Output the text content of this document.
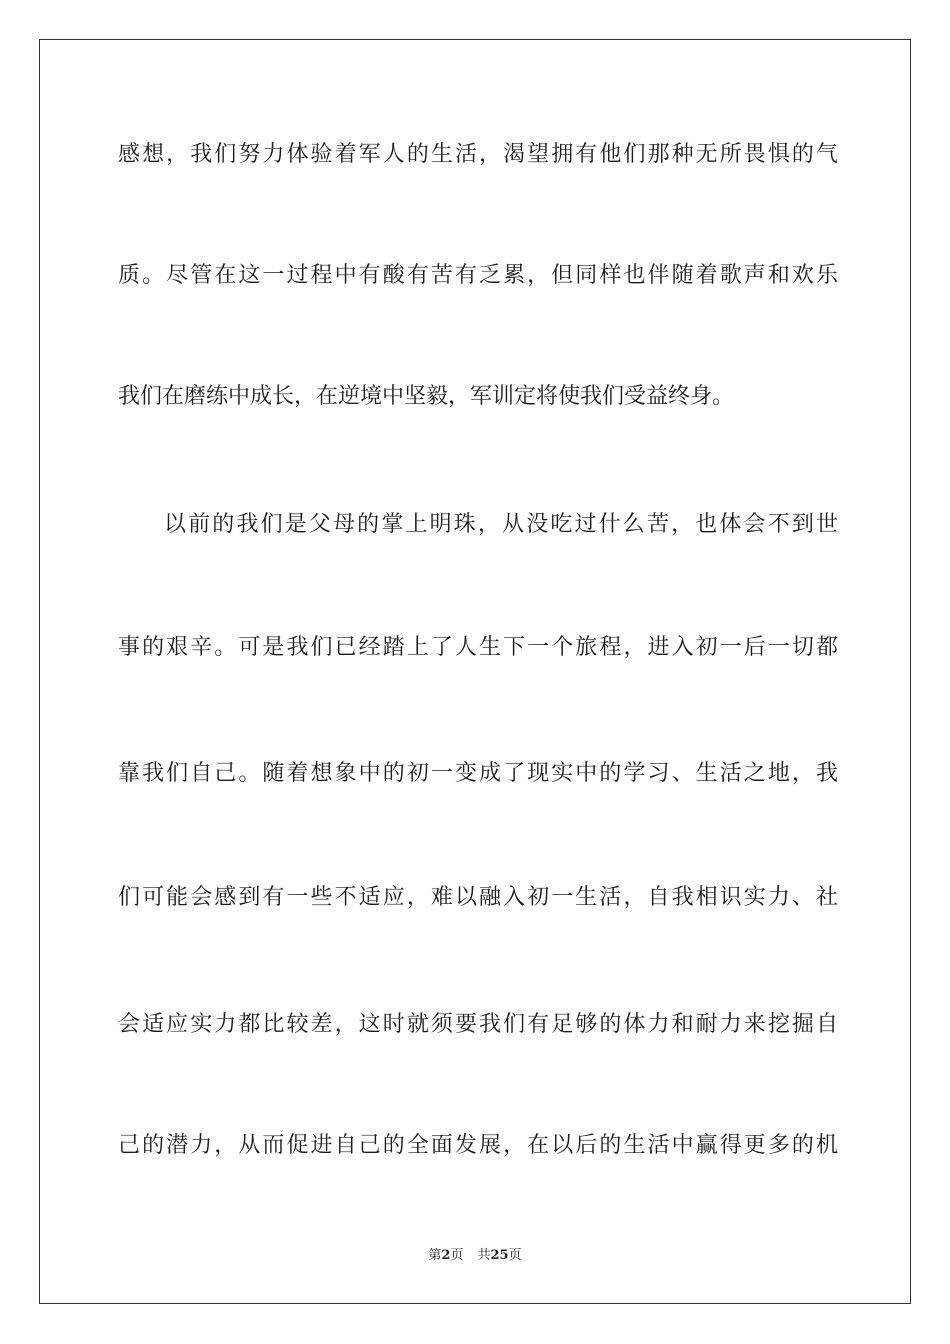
感想，我们努力体验着军人的生活，渴望拥有他们那种无所畏惧的气
质。尽管在这一过程中有酸有苦有乏累，但同样也伴随着歌声和欢乐
我们在磨练中成长，在逆境中坚毅，军训定将使我们受益终身。
以前的我们是父母的掌上明珠，从没吃过什么苦，也体会不到世
事的艰辛。可是我们已经踏上了人生下一个旅程，进入初一后一切都
靠我们自己。随着想象中的初一变成了现实中的学习、生活之地，我
们可能会感到有一些不适应，难以融入初一生活，自我相识实力、社
会适应实力都比较差，这时就须要我们有足够的体力和耐力来挖掘自
己的潜力，从而促进自己的全面发展，在以后的生活中赢得更多的机
第2页 共25页
